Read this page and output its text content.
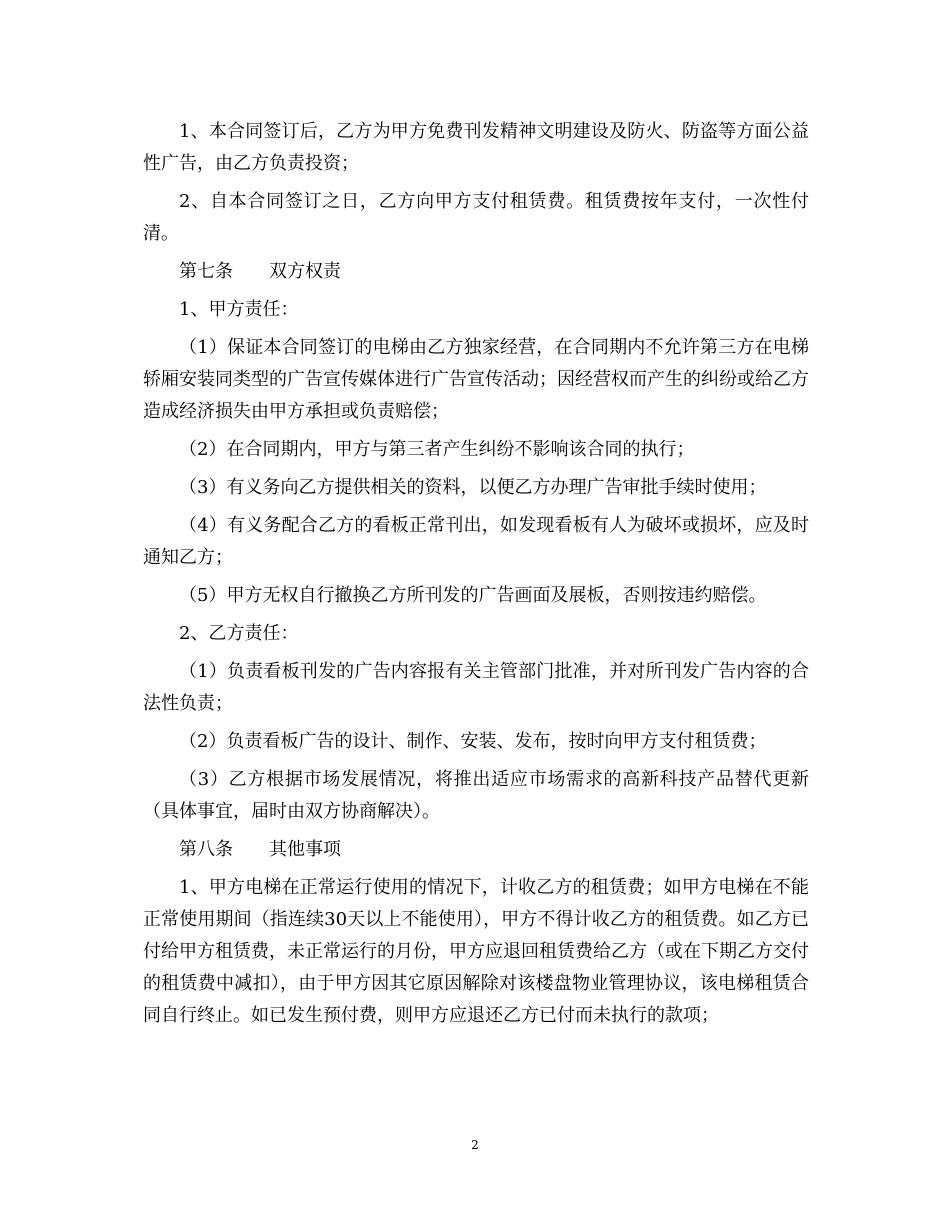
1、本合同签订后，乙方为甲方免费刊发精神文明建设及防火、防盗等方面公益性广告，由乙方负责投资；

2、自本合同签订之日，乙方向甲方支付租赁费。租赁费按年支付，一次性付清。

第七条　　双方权责

1、甲方责任：

（1）保证本合同签订的电梯由乙方独家经营，在合同期内不允许第三方在电梯轿厢安装同类型的广告宣传媒体进行广告宣传活动；因经营权而产生的纠纷或给乙方造成经济损失由甲方承担或负责赔偿；

（2）在合同期内，甲方与第三者产生纠纷不影响该合同的执行；

（3）有义务向乙方提供相关的资料，以便乙方办理广告审批手续时使用；

（4）有义务配合乙方的看板正常刊出，如发现看板有人为破坏或损坏，应及时通知乙方；

（5）甲方无权自行撤换乙方所刊发的广告画面及展板，否则按违约赔偿。

2、乙方责任：

（1）负责看板刊发的广告内容报有关主管部门批准，并对所刊发广告内容的合法性负责；

（2）负责看板广告的设计、制作、安装、发布，按时向甲方支付租赁费；

（3）乙方根据市场发展情况，将推出适应市场需求的高新科技产品替代更新（具体事宜，届时由双方协商解决）。

第八条　　其他事项

1、甲方电梯在正常运行使用的情况下，计收乙方的租赁费；如甲方电梯在不能正常使用期间（指连续30天以上不能使用），甲方不得计收乙方的租赁费。如乙方已付给甲方租赁费，未正常运行的月份，甲方应退回租赁费给乙方（或在下期乙方交付的租赁费中减扣），由于甲方因其它原因解除对该楼盘物业管理协议，该电梯租赁合同自行终止。如已发生预付费，则甲方应退还乙方已付而未执行的款项；

2
